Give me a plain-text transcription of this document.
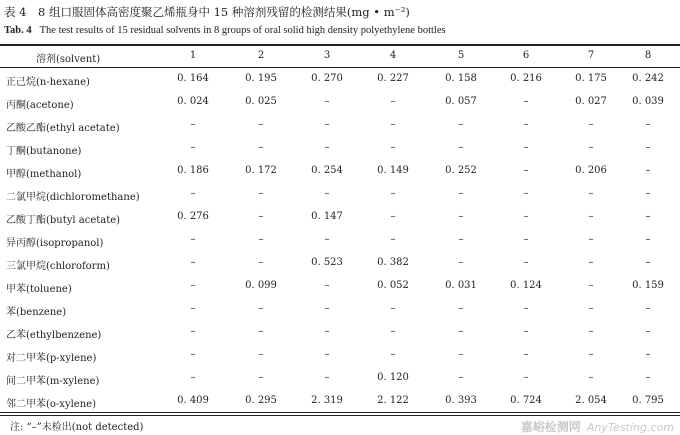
表 4　8 组口服固体高密度聚乙烯瓶身中 15 种溶剂残留的检测结果(mg • m⁻²)
Tab. 4 The test results of 15 residual solvents in 8 groups of oral solid high density polyethylene bottles
溶剂(solvent)	1	2	3	4	5	6	7	8
正己烷(n-hexane)	0. 164	0. 195	0. 270	0. 227	0. 158	0. 216	0. 175	0. 242
丙酮(acetone)	0. 024	0. 025	–	–	0. 057	–	0. 027	0. 039
乙酸乙酯(ethyl acetate)	–	–	–	–	–	–	–	–
丁酮(butanone)	–	–	–	–	–	–	–	–
甲醇(methanol)	0. 186	0. 172	0. 254	0. 149	0. 252	–	0. 206	–
二氯甲烷(dichloromethane)	–	–	–	–	–	–	–	–
乙酸丁酯(butyl acetate)	0. 276	–	0. 147	–	–	–	–	–
异丙醇(isopropanol)	–	–	–	–	–	–	–	–
三氯甲烷(chloroform)	–	–	0. 523	0. 382	–	–	–	–
甲苯(toluene)	–	0. 099	–	0. 052	0. 031	0. 124	–	0. 159
苯(benzene)	–	–	–	–	–	–	–	–
乙苯(ethylbenzene)	–	–	–	–	–	–	–	–
对二甲苯(p-xylene)	–	–	–	–	–	–	–	–
间二甲苯(m-xylene)	–	–	–	0. 120	–	–	–	–
邻二甲苯(o-xylene)	0. 409	0. 295	2. 319	2. 122	0. 393	0. 724	2. 054	0. 795
注: “–”未检出(not detected)	嘉峪检测网 AnyTesting.com
